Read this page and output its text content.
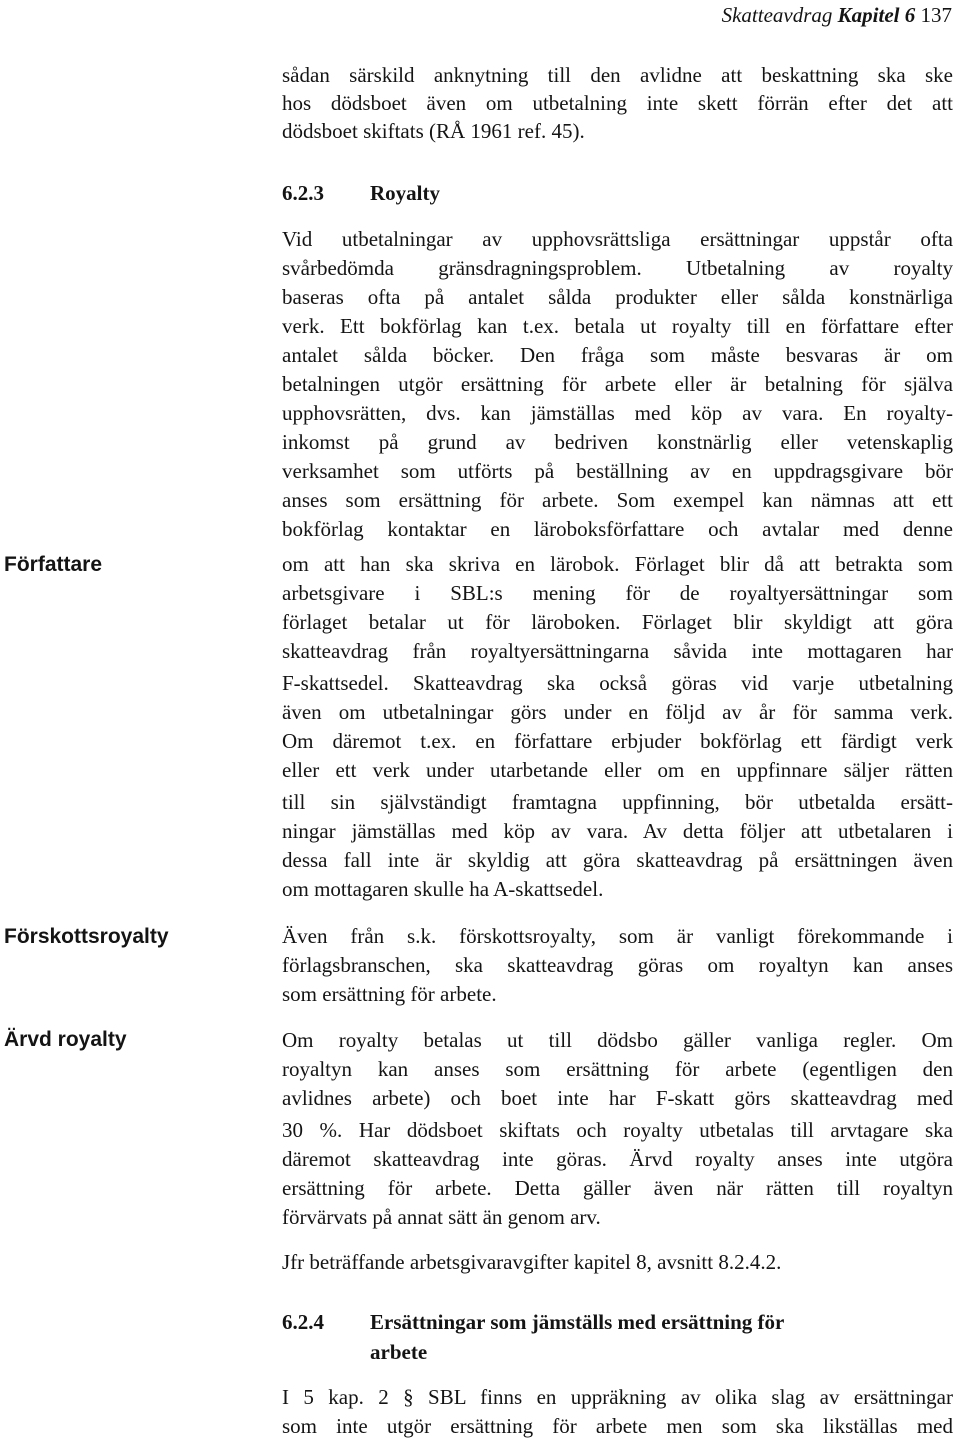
Skatteavdrag Kapitel 6 137
sådan särskild anknytning till den avlidne att beskattning ska ske
hos dödsboet även om utbetalning inte skett förrän efter det att
dödsboet skiftats (RÅ 1961 ref. 45).
6.2.3 Royalty
Vid utbetalningar av upphovsrättsliga ersättningar uppstår ofta
svårbedömda gränsdragningsproblem. Utbetalning av royalty
baseras ofta på antalet sålda produkter eller sålda konstnärliga
verk. Ett bokförlag kan t.ex. betala ut royalty till en författare efter
antalet sålda böcker. Den fråga som måste besvaras är om
betalningen utgör ersättning för arbete eller är betalning för själva
upphovsrätten, dvs. kan jämställas med köp av vara. En royalty-
inkomst på grund av bedriven konstnärlig eller vetenskaplig
verksamhet som utförts på beställning av en uppdragsgivare bör
anses som ersättning för arbete. Som exempel kan nämnas att ett
bokförlag kontaktar en läroboksförfattare och avtalar med denne
om att han ska skriva en lärobok. Förlaget blir då att betrakta som
arbetsgivare i SBL:s mening för de royaltyersättningar som
förlaget betalar ut för läroboken. Förlaget blir skyldigt att göra
skatteavdrag från royaltyersättningarna såvida inte mottagaren har
F-skattsedel. Skatteavdrag ska också göras vid varje utbetalning
även om utbetalningar görs under en följd av år för samma verk.
Om däremot t.ex. en författare erbjuder bokförlag ett färdigt verk
eller ett verk under utarbetande eller om en uppfinnare säljer rätten
till sin självständigt framtagna uppfinning, bör utbetalda ersätt-
ningar jämställas med köp av vara. Av detta följer att utbetalaren i
dessa fall inte är skyldig att göra skatteavdrag på ersättningen även
om mottagaren skulle ha A-skattsedel.
Även från s.k. förskottsroyalty, som är vanligt förekommande i
förlagsbranschen, ska skatteavdrag göras om royaltyn kan anses
som ersättning för arbete.
Om royalty betalas ut till dödsbo gäller vanliga regler. Om
royaltyn kan anses som ersättning för arbete (egentligen den
avlidnes arbete) och boet inte har F-skatt görs skatteavdrag med
30 %. Har dödsboet skiftats och royalty utbetalas till arvtagare ska
däremot skatteavdrag inte göras. Ärvd royalty anses inte utgöra
ersättning för arbete. Detta gäller även när rätten till royaltyn
förvärvats på annat sätt än genom arv.
Jfr beträffande arbetsgivaravgifter kapitel 8, avsnitt 8.2.4.2.
6.2.4 Ersättningar som jämställs med ersättning för
arbete
I 5 kap. 2 § SBL finns en uppräkning av olika slag av ersättningar
som inte utgör ersättning för arbete men som ska likställas med
Författare
Förskottsroyalty
Ärvd royalty
